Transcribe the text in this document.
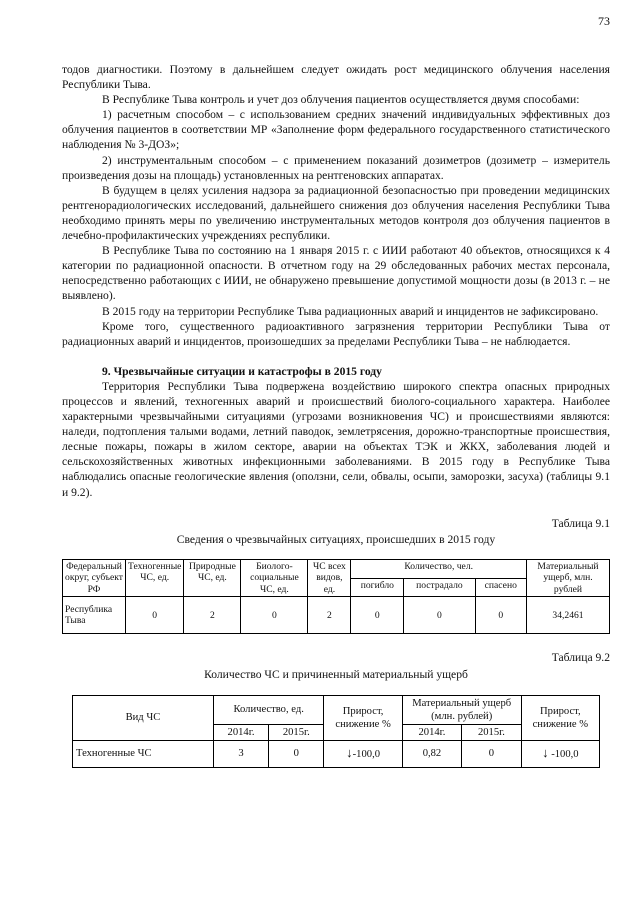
73

тодов диагностики. Поэтому в дальнейшем следует ожидать рост медицинского облучения населения Республики Тыва.

В Республике Тыва контроль и учет доз облучения пациентов осуществляется двумя способами:

1) расчетным способом – с использованием средних значений индивидуальных эффективных доз облучения пациентов в соответствии МР «Заполнение форм федерального государственного статистического наблюдения № 3-ДОЗ»;

2) инструментальным способом – с применением показаний дозиметров (дозиметр – измеритель произведения дозы на площадь) установленных на рентгеновских аппаратах.

В будущем в целях усиления надзора за радиационной безопасностью при проведении медицинских рентгенорадиологических исследований, дальнейшего снижения доз облучения населения Республики Тыва необходимо принять меры по увеличению инструментальных методов контроля доз облучения пациентов в лечебно-профилактических учреждениях республики.

В Республике Тыва по состоянию на 1 января 2015 г. с ИИИ работают 40 объектов, относящихся к 4 категории по радиационной опасности. В отчетном году на 29 обследованных рабочих местах персонала, непосредственно работающих с ИИИ, не обнаружено превышение допустимой мощности дозы (в 2013 г. – не выявлено).

В 2015 году на территории Республике Тыва радиационных аварий и инцидентов не зафиксировано.

Кроме того, существенного радиоактивного загрязнения территории Республики Тыва от радиационных аварий и инцидентов, произошедших за пределами Республики Тыва – не наблюдается.

9. Чрезвычайные ситуации и катастрофы в 2015 году

Территория Республики Тыва подвержена воздействию широкого спектра опасных природных процессов и явлений, техногенных аварий и происшествий биолого-социального характера. Наиболее характерными чрезвычайными ситуациями (угрозами возникновения ЧС) и происшествиями являются: наледи, подтопления талыми водами, летний паводок, землетрясения, дорожно-транспортные происшествия, лесные пожары, пожары в жилом секторе, аварии на объектах ТЭК и ЖКХ, заболевания людей и сельскохозяйственных животных инфекционными заболеваниями. В 2015 году в Республике Тыва наблюдались опасные геологические явления (оползни, сели, обвалы, осыпи, заморозки, засуха) (таблицы 9.1 и 9.2).

Таблица 9.1
Сведения о чрезвычайных ситуациях, происшедших в 2015 году
Федеральный округ, субъект РФ	Техногенные ЧС, ед.	Природные ЧС, ед.	Биолого-социальные ЧС, ед.	ЧС всех видов, ед.	Количество, чел.			Материальный ущерб, млн. рублей
					погибло	пострадало	спасено	
Республика Тыва	0	2	0	2	0	0	0	34,2461
Таблица 9.2
Количество ЧС и причиненный материальный ущерб
Вид ЧС	Количество, ед.		Прирост, снижение %	Материальный ущерб (млн. рублей)		Прирост, снижение %
	2014г.	2015г.		2014г.	2015г.	
Техногенные ЧС	3	0	↓-100,0	0,82	0	↓ -100,0
